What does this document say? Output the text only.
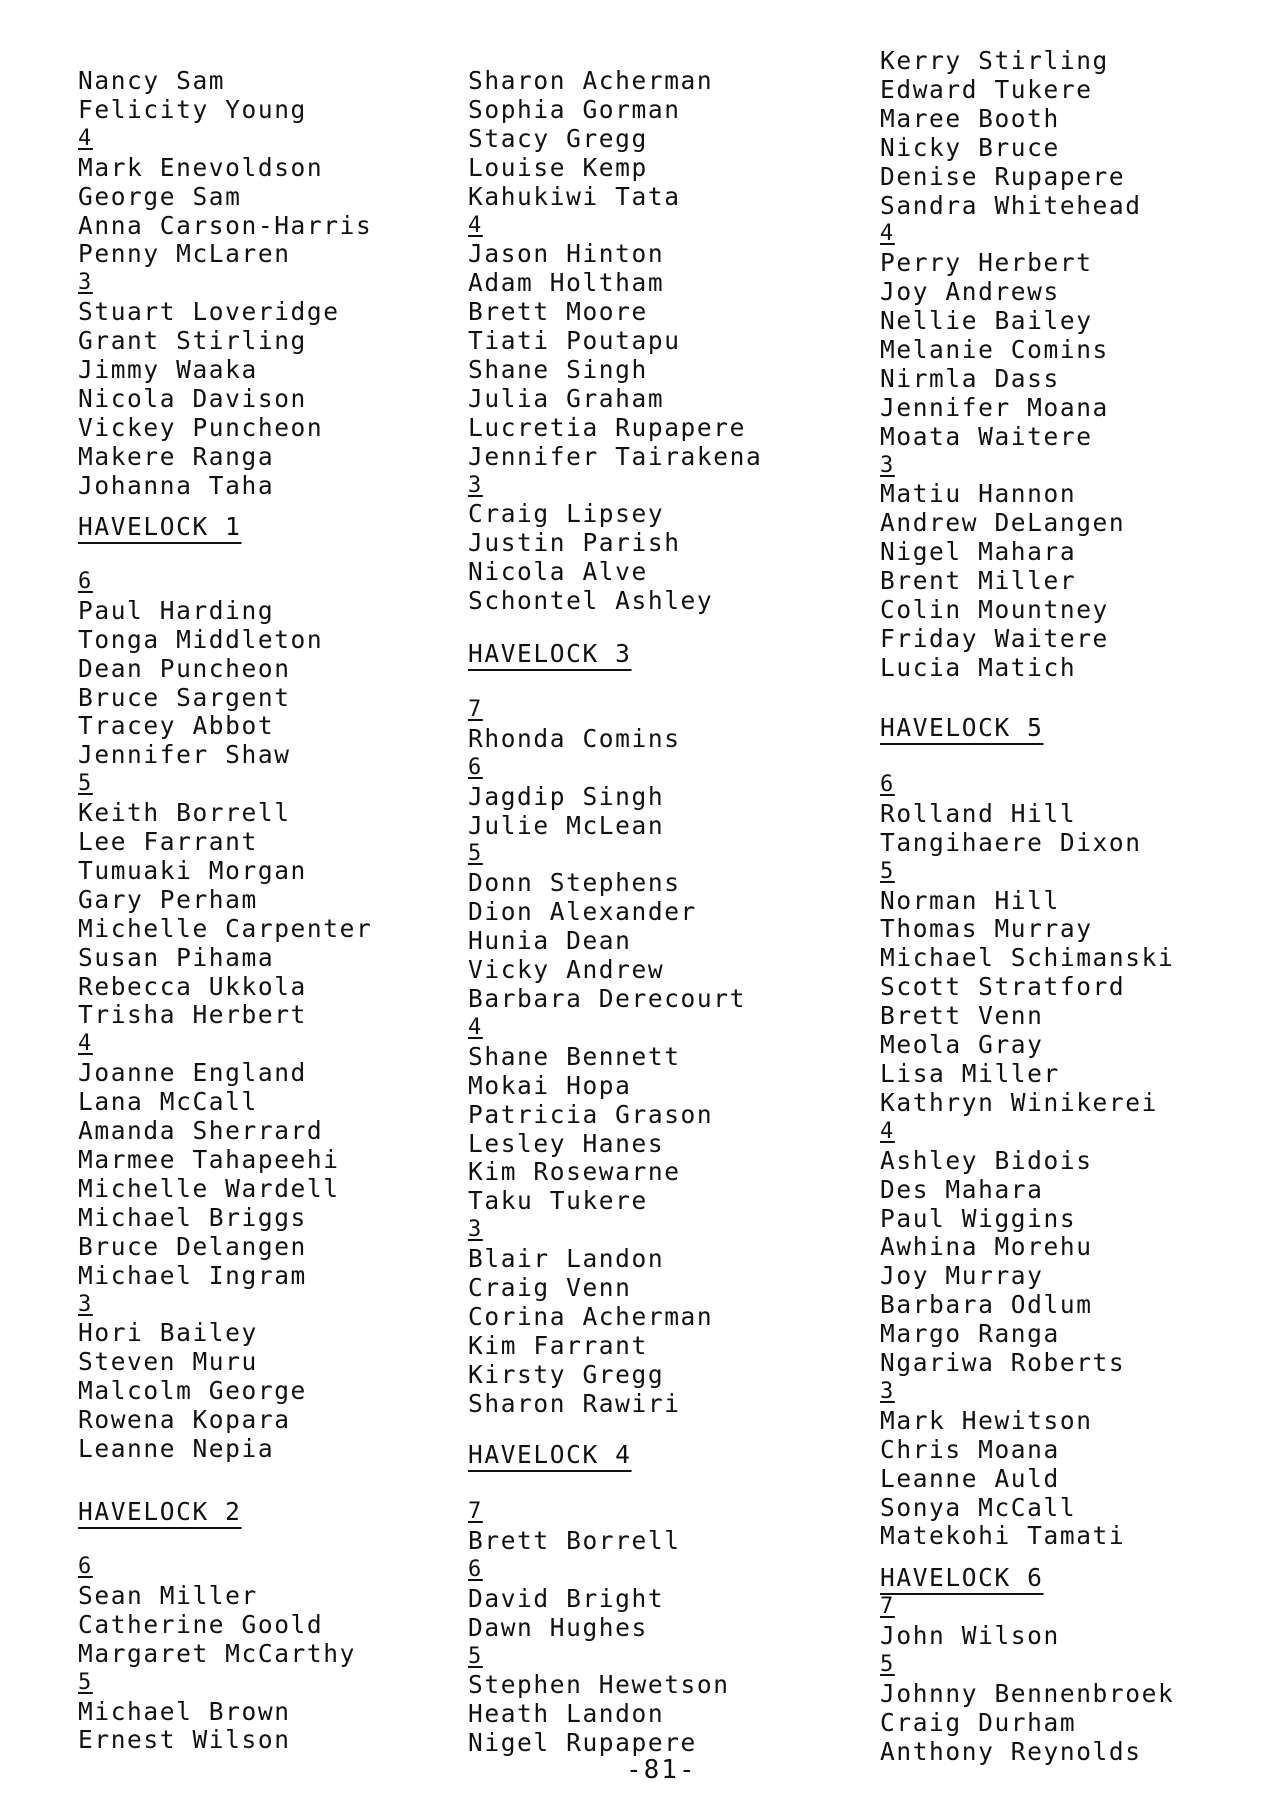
Nancy Sam
Felicity Young
4
Mark Enevoldson
George Sam
Anna Carson-Harris
Penny McLaren
3
Stuart Loveridge
Grant Stirling
Jimmy Waaka
Nicola Davison
Vickey Puncheon
Makere Ranga
Johanna Taha
HAVELOCK 1
6
Paul Harding
Tonga Middleton
Dean Puncheon
Bruce Sargent
Tracey Abbot
Jennifer Shaw
5
Keith Borrell
Lee Farrant
Tumuaki Morgan
Gary Perham
Michelle Carpenter
Susan Pihama
Rebecca Ukkola
Trisha Herbert
4
Joanne England
Lana McCall
Amanda Sherrard
Marmee Tahapeehi
Michelle Wardell
Michael Briggs
Bruce Delangen
Michael Ingram
3
Hori Bailey
Steven Muru
Malcolm George
Rowena Kopara
Leanne Nepia
HAVELOCK 2
6
Sean Miller
Catherine Goold
Margaret McCarthy
5
Michael Brown
Ernest Wilson
Sharon Acherman
Sophia Gorman
Stacy Gregg
Louise Kemp
Kahukiwi Tata
4
Jason Hinton
Adam Holtham
Brett Moore
Tiati Poutapu
Shane Singh
Julia Graham
Lucretia Rupapere
Jennifer Tairakena
3
Craig Lipsey
Justin Parish
Nicola Alve
Schontel Ashley
HAVELOCK 3
7
Rhonda Comins
6
Jagdip Singh
Julie McLean
5
Donn Stephens
Dion Alexander
Hunia Dean
Vicky Andrew
Barbara Derecourt
4
Shane Bennett
Mokai Hopa
Patricia Grason
Lesley Hanes
Kim Rosewarne
Taku Tukere
3
Blair Landon
Craig Venn
Corina Acherman
Kim Farrant
Kirsty Gregg
Sharon Rawiri
HAVELOCK 4
7
Brett Borrell
6
David Bright
Dawn Hughes
5
Stephen Hewetson
Heath Landon
Nigel Rupapere
Kerry Stirling
Edward Tukere
Maree Booth
Nicky Bruce
Denise Rupapere
Sandra Whitehead
4
Perry Herbert
Joy Andrews
Nellie Bailey
Melanie Comins
Nirmla Dass
Jennifer Moana
Moata Waitere
3
Matiu Hannon
Andrew DeLangen
Nigel Mahara
Brent Miller
Colin Mountney
Friday Waitere
Lucia Matich
HAVELOCK 5
6
Rolland Hill
Tangihaere Dixon
5
Norman Hill
Thomas Murray
Michael Schimanski
Scott Stratford
Brett Venn
Meola Gray
Lisa Miller
Kathryn Winikerei
4
Ashley Bidois
Des Mahara
Paul Wiggins
Awhina Morehu
Joy Murray
Barbara Odlum
Margo Ranga
Ngariwa Roberts
3
Mark Hewitson
Chris Moana
Leanne Auld
Sonya McCall
Matekohi Tamati
HAVELOCK 6
7
John Wilson
5
Johnny Bennenbroek
Craig Durham
Anthony Reynolds
-81-
